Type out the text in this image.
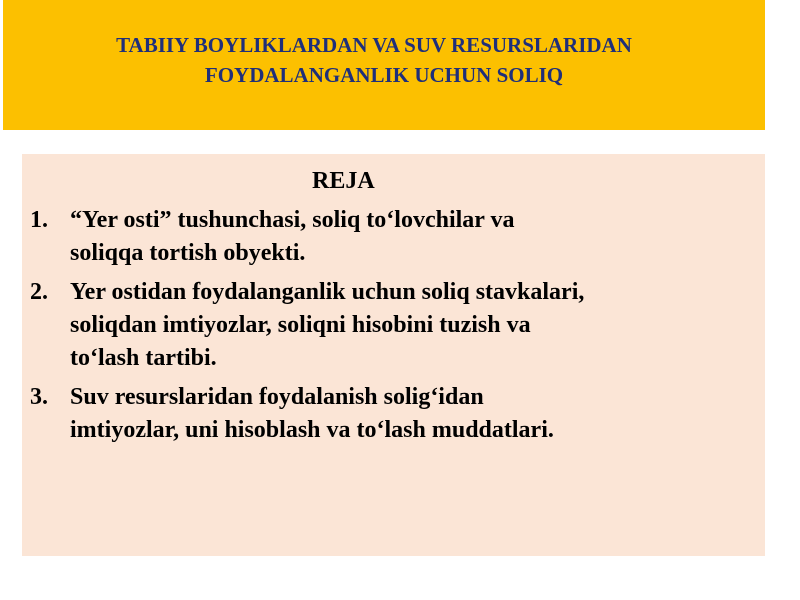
TABIIY BOYLIKLARDAN VA SUV RESURSLARIDAN
FOYDALANGANLIK UCHUN SOLIQ
REJA
1. “Yer osti” tushunchasi, soliq to‘lovchilar va
soliqqa tortish obyekti.
2. Yer ostidan foydalanganlik uchun soliq stavkalari,
soliqdan imtiyozlar, soliqni hisobini tuzish va
to‘lash tartibi.
3. Suv resurslaridan foydalanish solig‘idan
imtiyozlar, uni hisoblash va to‘lash muddatlari.
